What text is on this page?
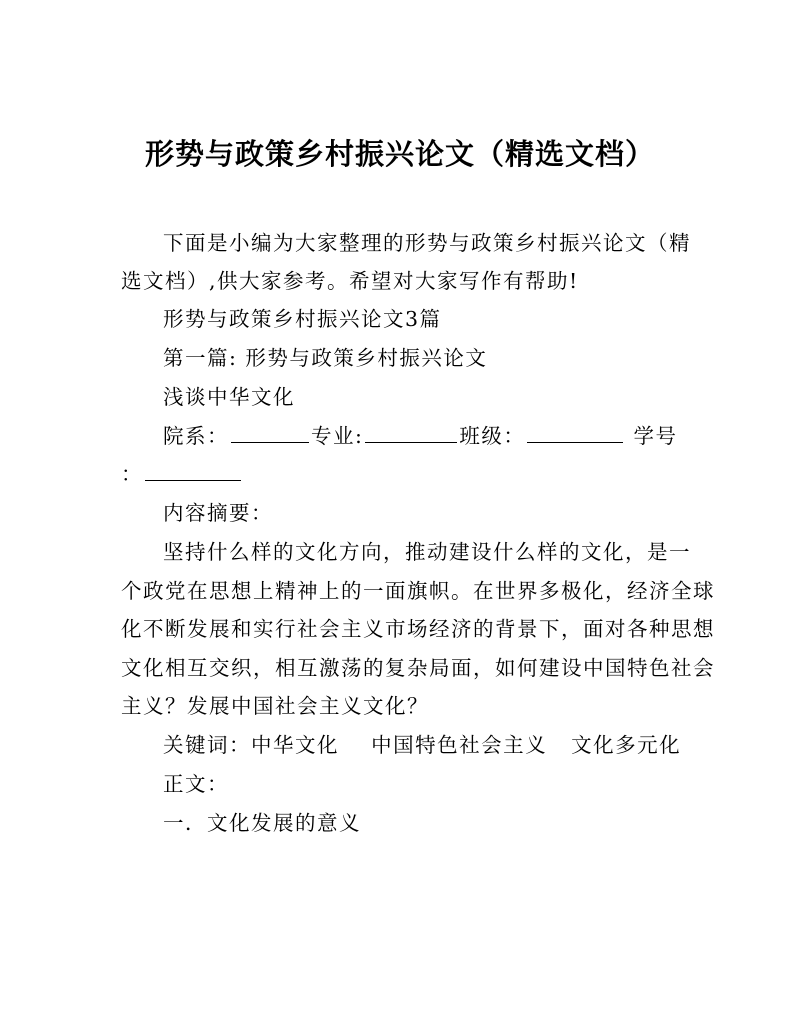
形势与政策乡村振兴论文（精选文档）
下面是小编为大家整理的形势与政策乡村振兴论文（精
选文档）,供大家参考。希望对大家写作有帮助!
形势与政策乡村振兴论文3篇
第一篇: 形势与政策乡村振兴论文
浅谈中华文化
院系：	专业:	班级：	学号
：
内容摘要：
坚持什么样的文化方向，推动建设什么样的文化，是一
个政党在思想上精神上的一面旗帜。在世界多极化，经济全球
化不断发展和实行社会主义市场经济的背景下，面对各种思想
文化相互交织，相互激荡的复杂局面，如何建设中国特色社会
主义？发展中国社会主义文化？
关键词：中华文化    中国特色社会主义   文化多元化
正文：
一．文化发展的意义
